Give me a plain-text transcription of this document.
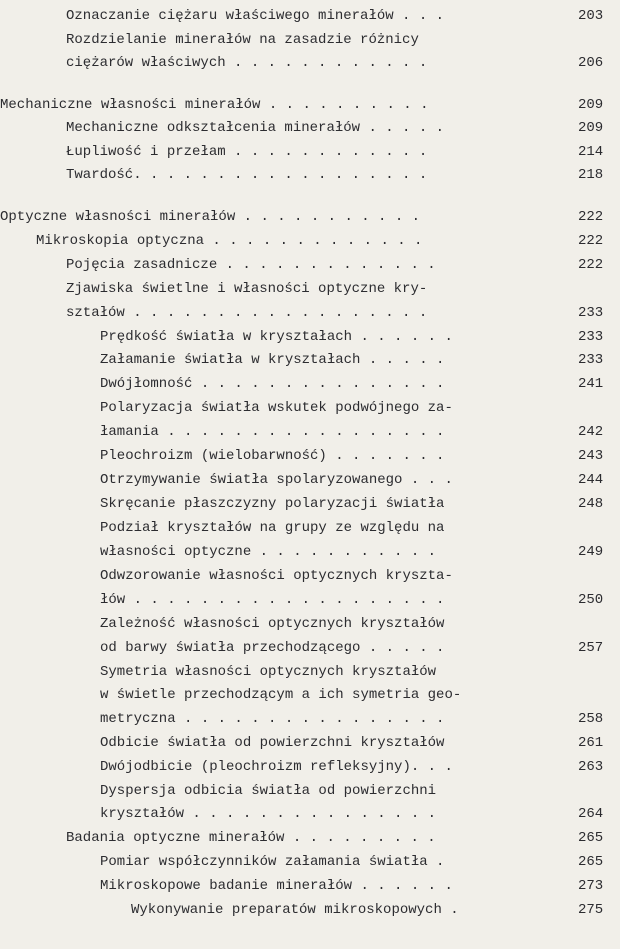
Oznaczanie ciężaru właściwego minerałów . . .	203
Rozdzielanie minerałów na zasadzie różnicy
ciężarów właściwych . . . . . . . . . . . .	206
Mechaniczne własności minerałów . . . . . . . . . .	209
Mechaniczne odkształcenia minerałów . . . . .	209
Łupliwość i przełam . . . . . . . . . . . .	214
Twardość. . . . . . . . . . . . . . . . . .	218
Optyczne własności minerałów . . . . . . . . . . .	222
Mikroskopia optyczna . . . . . . . . . . . . .	222
Pojęcia zasadnicze . . . . . . . . . . . . .	222
Zjawiska świetlne i własności optyczne kry-
ształów . . . . . . . . . . . . . . . . . .	233
Prędkość światła w kryształach . . . . . .	233
Załamanie światła w kryształach . . . . .	233
Dwójłomność . . . . . . . . . . . . . . .	241
Polaryzacja światła wskutek podwójnego za-
łamania . . . . . . . . . . . . . . . . .	242
Pleochroizm (wielobarwność) . . . . . . .	243
Otrzymywanie światła spolaryzowanego . . .	244
Skręcanie płaszczyzny polaryzacji światła	248
Podział kryształów na grupy ze względu na
własności optyczne . . . . . . . . . . .	249
Odwzorowanie własności optycznych kryszta-
łów . . . . . . . . . . . . . . . . . . .	250
Zależność własności optycznych kryształów
od barwy światła przechodzącego . . . . .	257
Symetria własności optycznych kryształów
w świetle przechodzącym a ich symetria geo-
metryczna . . . . . . . . . . . . . . . .	258
Odbicie światła od powierzchni kryształów	261
Dwójodbicie (pleochroizm refleksyjny). . .	263
Dyspersja odbicia światła od powierzchni
kryształów . . . . . . . . . . . . . . .	264
Badania optyczne minerałów . . . . . . . . .	265
Pomiar współczynników załamania światła .	265
Mikroskopowe badanie minerałów . . . . . .	273
Wykonywanie preparatów mikroskopowych .	275
